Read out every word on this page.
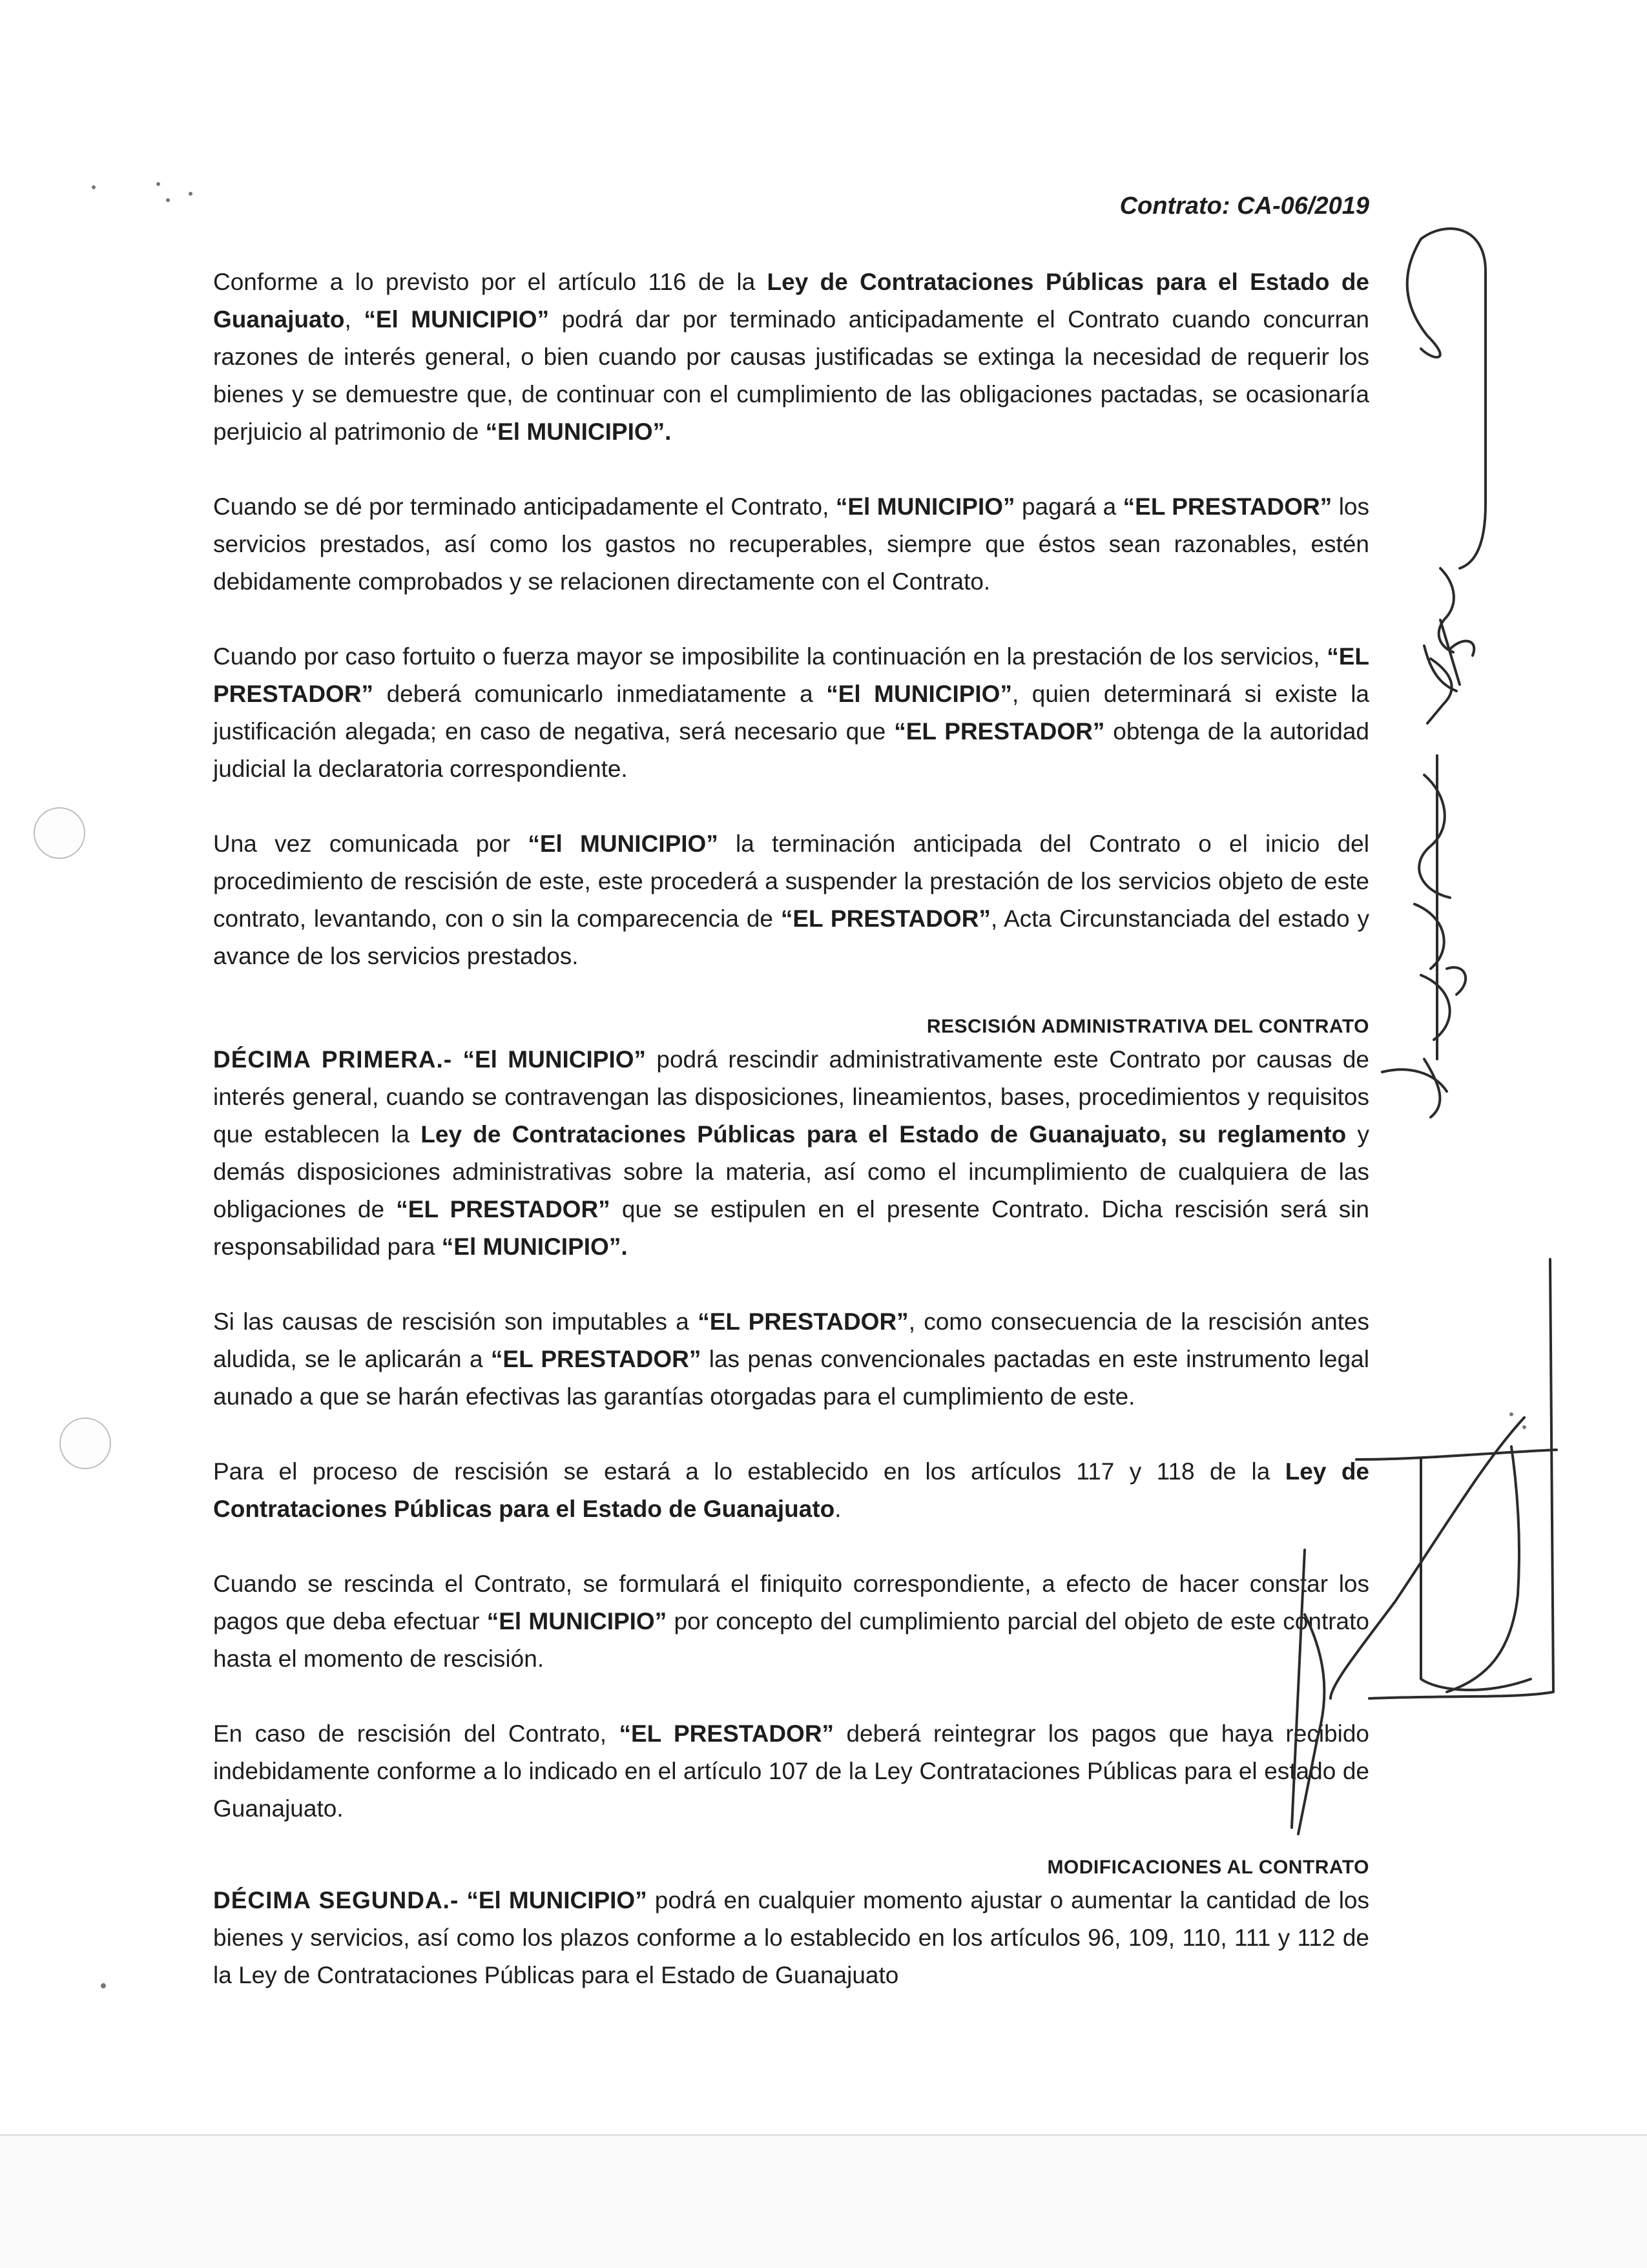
Contrato: CA-06/2019

Conforme a lo previsto por el artículo 116 de la Ley de Contrataciones Públicas para el Estado de Guanajuato, “El MUNICIPIO” podrá dar por terminado anticipadamente el Contrato cuando concurran razones de interés general, o bien cuando por causas justificadas se extinga la necesidad de requerir los bienes y se demuestre que, de continuar con el cumplimiento de las obligaciones pactadas, se ocasionaría perjuicio al patrimonio de “El MUNICIPIO”.

Cuando se dé por terminado anticipadamente el Contrato, “El MUNICIPIO” pagará a “EL PRESTADOR” los servicios prestados, así como los gastos no recuperables, siempre que éstos sean razonables, estén debidamente comprobados y se relacionen directamente con el Contrato.

Cuando por caso fortuito o fuerza mayor se imposibilite la continuación en la prestación de los servicios, “EL PRESTADOR” deberá comunicarlo inmediatamente a “El MUNICIPIO”, quien determinará si existe la justificación alegada; en caso de negativa, será necesario que “EL PRESTADOR” obtenga de la autoridad judicial la declaratoria correspondiente.

Una vez comunicada por “El MUNICIPIO” la terminación anticipada del Contrato o el inicio del procedimiento de rescisión de este, este procederá a suspender la prestación de los servicios objeto de este contrato, levantando, con o sin la comparecencia de “EL PRESTADOR”, Acta Circunstanciada del estado y avance de los servicios prestados.

RESCISIÓN ADMINISTRATIVA DEL CONTRATO

DÉCIMA PRIMERA.- “El MUNICIPIO” podrá rescindir administrativamente este Contrato por causas de interés general, cuando se contravengan las disposiciones, lineamientos, bases, procedimientos y requisitos que establecen la Ley de Contrataciones Públicas para el Estado de Guanajuato, su reglamento y demás disposiciones administrativas sobre la materia, así como el incumplimiento de cualquiera de las obligaciones de “EL PRESTADOR” que se estipulen en el presente Contrato. Dicha rescisión será sin responsabilidad para “El MUNICIPIO”.

Si las causas de rescisión son imputables a “EL PRESTADOR”, como consecuencia de la rescisión antes aludida, se le aplicarán a “EL PRESTADOR” las penas convencionales pactadas en este instrumento legal aunado a que se harán efectivas las garantías otorgadas para el cumplimiento de este.

Para el proceso de rescisión se estará a lo establecido en los artículos 117 y 118 de la Ley de Contrataciones Públicas para el Estado de Guanajuato.

Cuando se rescinda el Contrato, se formulará el finiquito correspondiente, a efecto de hacer constar los pagos que deba efectuar “El MUNICIPIO” por concepto del cumplimiento parcial del objeto de este contrato hasta el momento de rescisión.

En caso de rescisión del Contrato, “EL PRESTADOR” deberá reintegrar los pagos que haya recibido indebidamente conforme a lo indicado en el artículo 107 de la Ley Contrataciones Públicas para el estado de Guanajuato.

MODIFICACIONES AL CONTRATO

DÉCIMA SEGUNDA.- “El MUNICIPIO” podrá en cualquier momento ajustar o aumentar la cantidad de los bienes y servicios, así como los plazos conforme a lo establecido en los artículos 96, 109, 110, 111 y 112 de la Ley de Contrataciones Públicas para el Estado de Guanajuato
